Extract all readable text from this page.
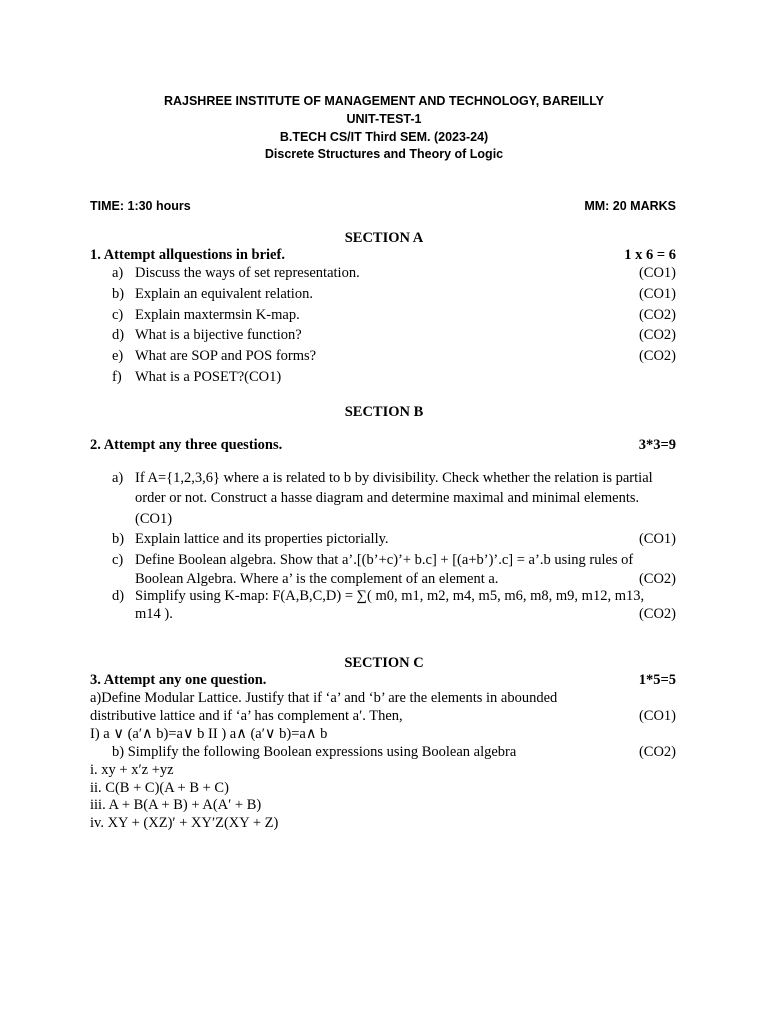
RAJSHREE INSTITUTE OF MANAGEMENT AND TECHNOLOGY, BAREILLY
UNIT-TEST-1
B.TECH CS/IT Third SEM. (2023-24)
Discrete Structures and Theory of Logic
TIME: 1:30 hours	MM: 20 MARKS
SECTION A
1. Attempt allquestions in brief.	1 x 6 = 6
a) Discuss the ways of set representation.	(CO1)
b) Explain an equivalent relation.	(CO1)
c) Explain maxtermsin K-map.	(CO2)
d) What is a bijective function?	(CO2)
e) What are SOP and POS forms?	(CO2)
f) What is a POSET?(CO1)
SECTION B
2. Attempt any three questions.	3*3=9
a) If A={1,2,3,6} where a is related to b by divisibility. Check whether the relation is partial
order or not. Construct a hasse diagram and determine maximal and minimal elements.
(CO1)
b) Explain lattice and its properties pictorially.	(CO1)
c) Define Boolean algebra. Show that a’.[(b’+c)’+ b.c] + [(a+b’)’.c] = a’.b using rules of
Boolean Algebra. Where a’ is the complement of an element a.	(CO2)
d) Simplify using K-map: F(A,B,C,D) = ∑( m0, m1, m2, m4, m5, m6, m8, m9, m12, m13,
m14 ).	(CO2)
SECTION C
3. Attempt any one question.	1*5=5
a)Define Modular Lattice. Justify that if ‘a’ and ‘b’ are the elements in abounded
distributive lattice and if ‘a’ has complement a′. Then,	(CO1)
I) a ∨ (a′∧ b)=a∨ b II ) a∧ (a′∨ b)=a∧ b
b) Simplify the following Boolean expressions using Boolean algebra	(CO2)
i. xy + x′z +yz
ii. C(B + C)(A + B + C)
iii. A + B(A + B) + A(A′ + B)
iv. XY + (XZ)′ + XY′Z(XY + Z)
